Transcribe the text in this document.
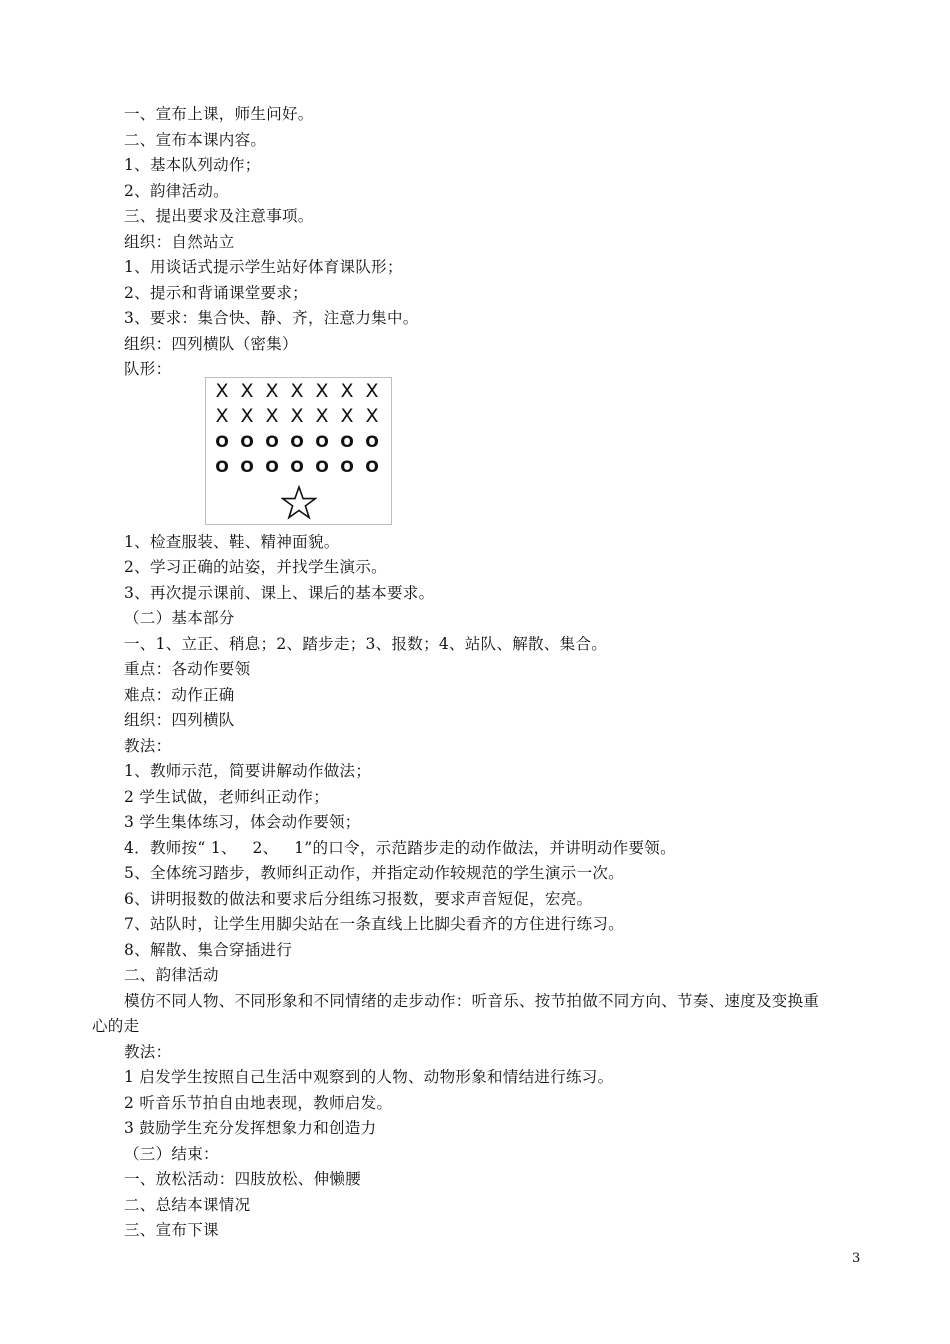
一、宣布上课，师生问好。
二、宣布本课内容。
1、基本队列动作；
2、韵律活动。
三、提出要求及注意事项。
组织：自然站立
1、用谈话式提示学生站好体育课队形；
2、提示和背诵课堂要求；
3、要求：集合快、静、齐，注意力集中。
组织：四列横队（密集）
队形：
X X X X X X X
X X X X X X X
O O O O O O O
O O O O O O O
1、检查服装、鞋、精神面貌。
2、学习正确的站姿，并找学生演示。
3、再次提示课前、课上、课后的基本要求。
（二）基本部分
一、1、立正、稍息；2、踏步走；3、报数；4、站队、解散、集合。
重点：各动作要领
难点：动作正确
组织：四列横队
教法：
1、教师示范，简要讲解动作做法；
2 学生试做，老师纠正动作；
3 学生集体练习，体会动作要领；
4．教师按“ 1、   2、   1”的口令，示范踏步走的动作做法，并讲明动作要领。
5、全体统习踏步，教师纠正动作，并指定动作较规范的学生演示一次。
6、讲明报数的做法和要求后分组练习报数，要求声音短促，宏亮。
7、站队时，让学生用脚尖站在一条直线上比脚尖看齐的方住进行练习。
8、解散、集合穿插进行
二、韵律活动
模仿不同人物、不同形象和不同情绪的走步动作：听音乐、按节拍做不同方向、节奏、速度及变换重
心的走
教法：
1 启发学生按照自己生活中观察到的人物、动物形象和情结进行练习。
2 听音乐节拍自由地表现，教师启发。
3 鼓励学生充分发挥想象力和创造力
（三）结束：
一、放松活动：四肢放松、伸懒腰
二、总结本课情况
三、宣布下课
3
